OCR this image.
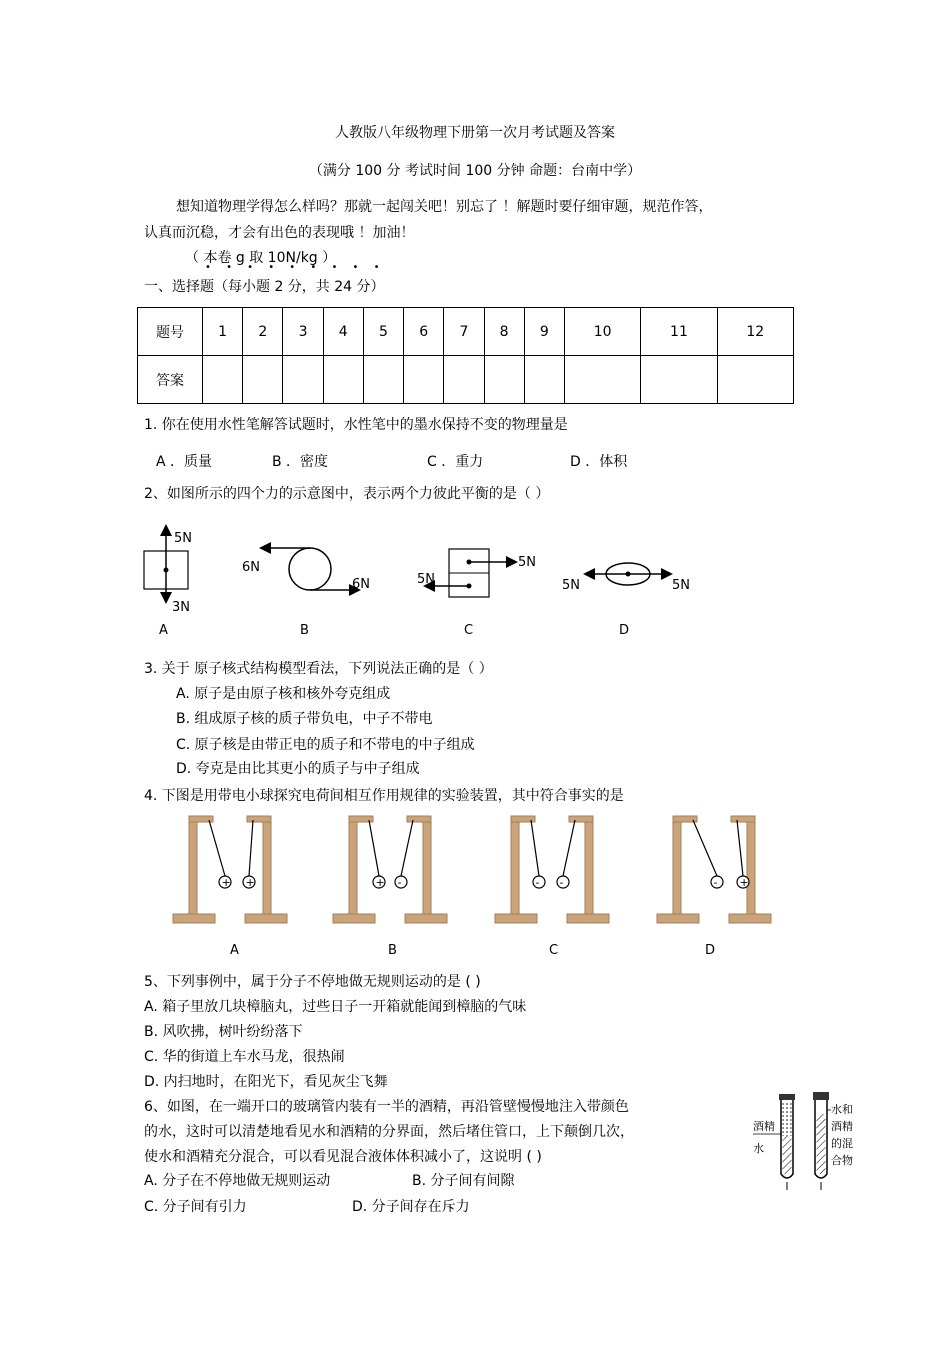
人教版八年级物理下册第一次月考试题及答案
（满分 100 分 考试时间 100 分钟 命题：台南中学）
想知道物理学得怎么样吗？那就一起闯关吧！别忘了 ！解题时要仔细审题，规范作答，
认真而沉稳，才会有出色的表现哦 ！加油！
（ 本卷 g 取 10N/kg ）
• • • • • • • • •
一、选择题（每小题 2 分，共 24 分）
题号	1	2	3	4	5	6	7	8	9	10	11	12
答案												
1. 你在使用水性笔解答试题时，水性笔中的墨水保持不变的物理量是
A ．质量	B ．密度	C ．重力	D ．体积
2、如图所示的四个力的示意图中，表示两个力彼此平衡的是（ ）
5N
3N
A
6N
6N
B
5N
5N
C
5N	5N
D
3. 关于 原子核式结构模型看法，下列说法正确的是（ ）
A. 原子是由原子核和核外夸克组成
B. 组成原子核的质子带负电，中子不带电
C. 原子核是由带正电的质子和不带电的中子组成
D. 夸克是由比其更小的质子与中子组成
4. 下图是用带电小球探究电荷间相互作用规律的实验装置，其中符合事实的是
+ +	+ -	- -	- +
A	B	C	D
5、下列事例中，属于分子不停地做无规则运动的是 ( )
A. 箱子里放几块樟脑丸，过些日子一开箱就能闻到樟脑的气味
B. 风吹拂，树叶纷纷落下
C. 华的街道上车水马龙，很热闹
D. 内扫地时，在阳光下，看见灰尘飞舞
6、如图，在一端开口的玻璃管内装有一半的酒精，再沿管壁慢慢地注入带颜色
的水，这时可以清楚地看见水和酒精的分界面，然后堵住管口，上下颠倒几次，
使水和酒精充分混合，可以看见混合液体体积减小了，这说明 ( )
A. 分子在不停地做无规则运动	B. 分子间有间隙
C. 分子间有引力	D. 分子间存在斥力
酒精
水
水和
酒精
的混
合物
